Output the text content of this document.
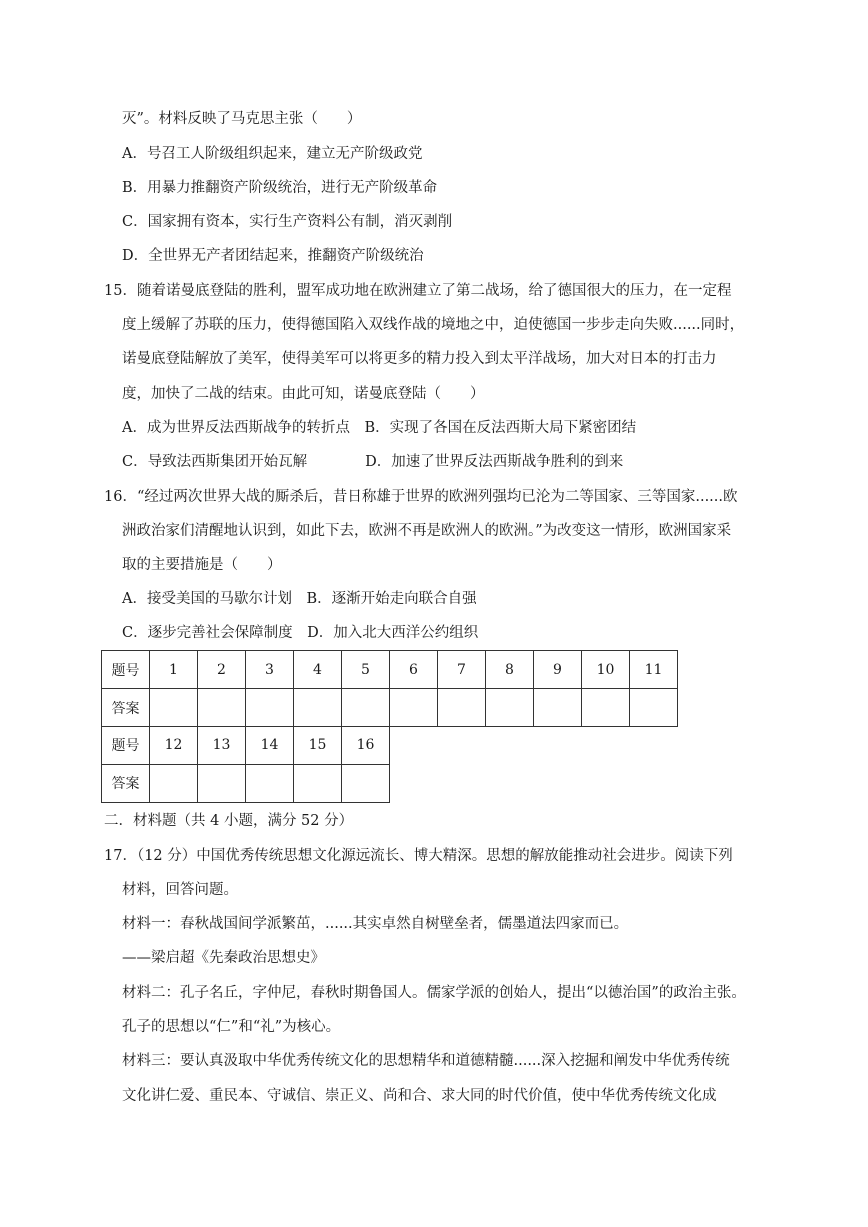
灭”。材料反映了马克思主张（　　）
A．号召工人阶级组织起来，建立无产阶级政党
B．用暴力推翻资产阶级统治，进行无产阶级革命
C．国家拥有资本，实行生产资料公有制，消灭剥削
D．全世界无产者团结起来，推翻资产阶级统治
15．随着诺曼底登陆的胜利，盟军成功地在欧洲建立了第二战场，给了德国很大的压力，在一定程
度上缓解了苏联的压力，使得德国陷入双线作战的境地之中，迫使德国一步步走向失败......同时，
诺曼底登陆解放了美军，使得美军可以将更多的精力投入到太平洋战场，加大对日本的打击力
度，加快了二战的结束。由此可知，诺曼底登陆（　　）
A．成为世界反法西斯战争的转折点　B．实现了各国在反法西斯大局下紧密团结
C．导致法西斯集团开始瓦解　　　　D．加速了世界反法西斯战争胜利的到来
16．“经过两次世界大战的厮杀后，昔日称雄于世界的欧洲列强均已沦为二等国家、三等国家......欧
洲政治家们清醒地认识到，如此下去，欧洲不再是欧洲人的欧洲。”为改变这一情形，欧洲国家采
取的主要措施是（　　）
A．接受美国的马歇尔计划　B．逐渐开始走向联合自强
C．逐步完善社会保障制度　D．加入北大西洋公约组织
题号	1	2	3	4	5	6	7	8	9	10	11
答案											
题号	12	13	14	15	16
答案					
二．材料题（共 4 小题，满分 52 分）
17．（12 分）中国优秀传统思想文化源远流长、博大精深。思想的解放能推动社会进步。阅读下列
材料，回答问题。
材料一：春秋战国间学派繁茁，......其实卓然自树壁垒者，儒墨道法四家而已。
——梁启超《先秦政治思想史》
材料二：孔子名丘，字仲尼，春秋时期鲁国人。儒家学派的创始人，提出“以德治国”的政治主张。
孔子的思想以“仁”和“礼”为核心。
材料三：要认真汲取中华优秀传统文化的思想精华和道德精髓......深入挖掘和阐发中华优秀传统
文化讲仁爱、重民本、守诚信、崇正义、尚和合、求大同的时代价值，使中华优秀传统文化成
